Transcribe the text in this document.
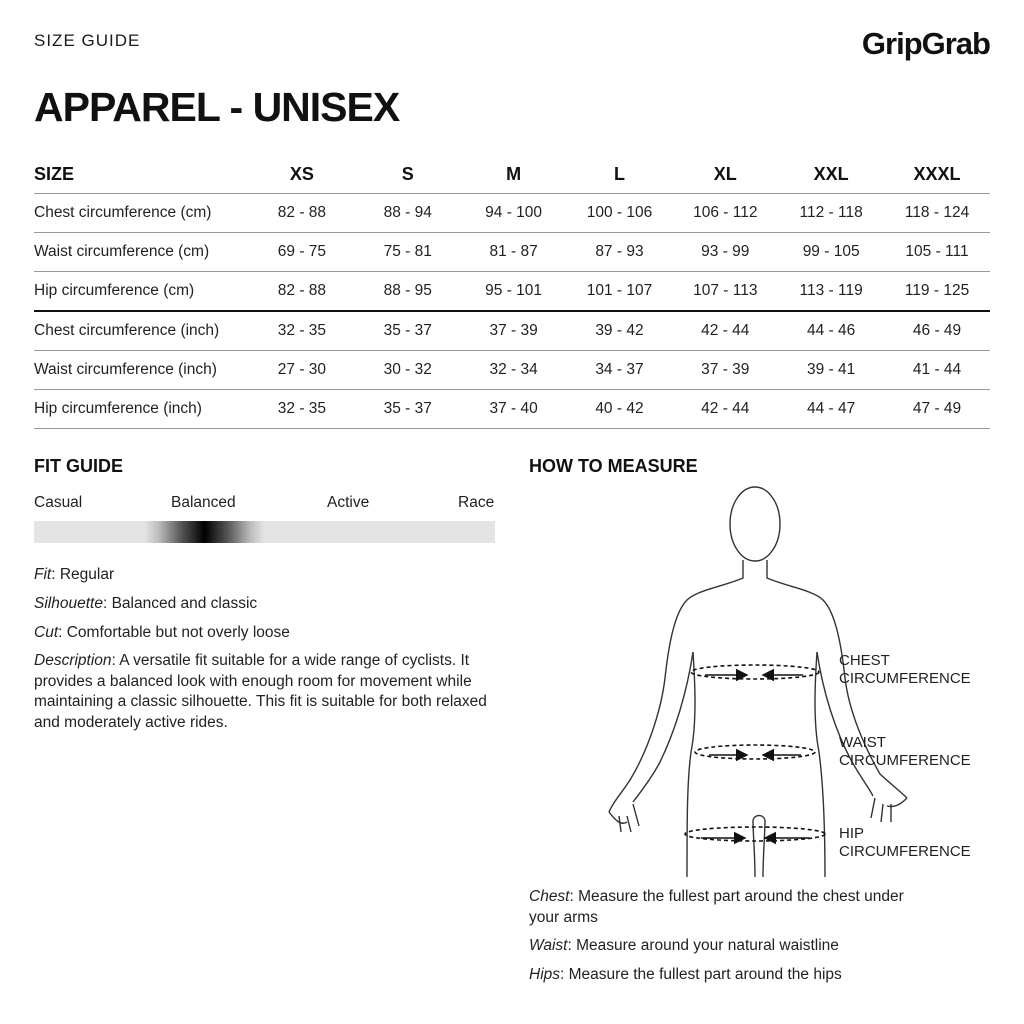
SIZE GUIDE	GripGrab
APPAREL - UNISEX
SIZE	XS	S	M	L	XL	XXL	XXXL
Chest circumference (cm)	82 - 88	88 - 94	94 - 100	100 - 106	106 - 112	112 - 118	118 - 124
Waist circumference (cm)	69 - 75	75 - 81	81 - 87	87 - 93	93 - 99	99 - 105	105 - 111
Hip circumference (cm)	82 - 88	88 - 95	95 - 101	101 - 107	107 - 113	113 - 119	119 - 125
Chest circumference (inch)	32 - 35	35 - 37	37 - 39	39 - 42	42 - 44	44 - 46	46 - 49
Waist circumference (inch)	27 - 30	30 - 32	32 - 34	34 - 37	37 - 39	39 - 41	41 - 44
Hip circumference (inch)	32 - 35	35 - 37	37 - 40	40 - 42	42 - 44	44 - 47	47 - 49
FIT GUIDE
Casual	Balanced	Active	Race
Fit: Regular
Silhouette: Balanced and classic
Cut: Comfortable but not overly loose
Description: A versatile fit suitable for a wide range of cyclists. It provides a balanced look with enough room for movement while maintaining a classic silhouette. This fit is suitable for both relaxed and moderately active rides.
HOW TO MEASURE
CHEST
CIRCUMFERENCE
WAIST
CIRCUMFERENCE
HIP
CIRCUMFERENCE
Chest: Measure the fullest part around the chest under your arms
Waist: Measure around your natural waistline
Hips: Measure the fullest part around the hips
